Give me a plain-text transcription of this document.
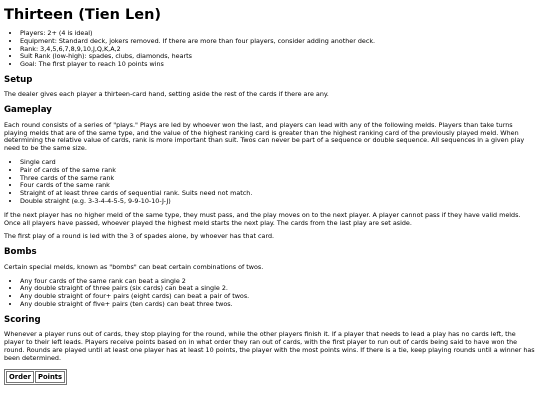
Thirteen (Tien Len)
• Players: 2+ (4 is ideal)
• Equipment: Standard deck, jokers removed. If there are more than four players, consider adding another deck.
• Rank: 3,4,5,6,7,8,9,10,J,Q,K,A,2
• Suit Rank (low-high): spades, clubs, diamonds, hearts
• Goal: The first player to reach 10 points wins
Setup

The dealer gives each player a thirteen-card hand, setting aside the rest of the cards if there are any.

Gameplay

Each round consists of a series of "plays." Plays are led by whoever won the last, and players can lead with any of the following melds. Players than take turns playing melds that are of the same type, and the value of the highest ranking card is greater than the highest ranking card of the previously played meld. When determining the relative value of cards, rank is more important than suit. Twos can never be part of a sequence or double sequence. All sequences in a given play need to be the same size.

• Single card
• Pair of cards of the same rank
• Three cards of the same rank
• Four cards of the same rank
• Straight of at least three cards of sequential rank. Suits need not match.
• Double straight (e.g. 3-3-4-4-5-5, 9-9-10-10-J-J)

If the next player has no higher meld of the same type, they must pass, and the play moves on to the next player. A player cannot pass if they have valid melds. Once all players have passed, whoever played the highest meld starts the next play. The cards from the last play are set aside.

The first play of a round is led with the 3 of spades alone, by whoever has that card.

Bombs

Certain special melds, known as "bombs" can beat certain combinations of twos.

• Any four cards of the same rank can beat a single 2
• Any double straight of three pairs (six cards) can beat a single 2.
• Any double straight of four+ pairs (eight cards) can beat a pair of twos.
• Any double straight of five+ pairs (ten cards) can beat three twos.
Scoring

Whenever a player runs out of cards, they stop playing for the round, while the other players finish it. If a player that needs to lead a play has no cards left, the player to their left leads. Players receive points based on in what order they ran out of cards, with the first player to run out of cards being said to have won the round. Rounds are played until at least one player has at least 10 points, the player with the most points wins. If there is a tie, keep playing rounds until a winner has been determined.

Order	Points
